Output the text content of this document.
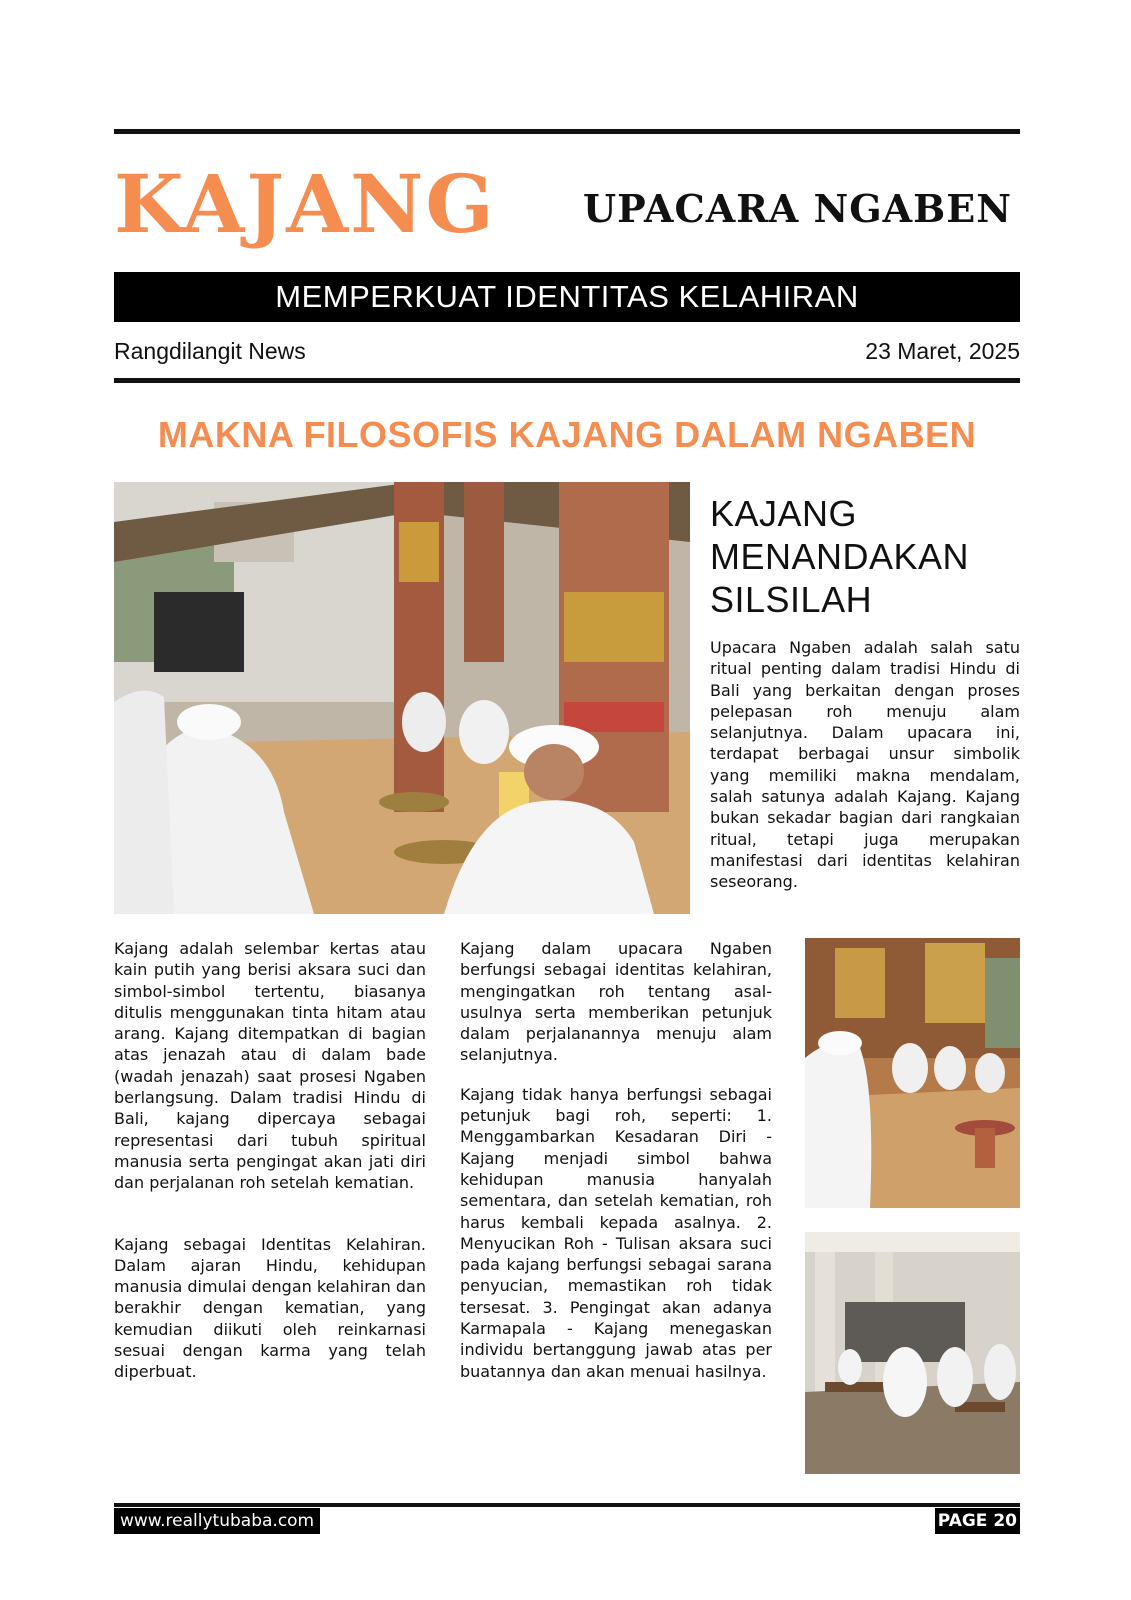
KAJANG UPACARA NGABEN
MEMPERKUAT IDENTITAS KELAHIRAN
Rangdilangit News	23 Maret, 2025
MAKNA FILOSOFIS KAJANG DALAM NGABEN
KAJANG MENANDAKAN SILSILAH

Upacara Ngaben adalah salah satu ritual penting dalam tradisi Hindu di Bali yang berkaitan dengan proses pelepasan roh menuju alam selanjutnya. Dalam upacara ini, terdapat berbagai unsur simbolik yang memiliki makna mendalam, salah satunya adalah Kajang. Kajang bukan sekadar bagian dari rangkaian ritual, tetapi juga merupakan manifestasi dari identitas kelahiran seseorang.

Kajang adalah selembar kertas atau kain putih yang berisi aksara suci dan simbol-simbol tertentu, biasanya ditulis menggunakan tinta hitam atau arang. Kajang ditempatkan di bagian atas jenazah atau di dalam bade (wadah jenazah) saat prosesi Ngaben berlangsung. Dalam tradisi Hindu di Bali, kajang dipercaya sebagai representasi dari tubuh spiritual manusia serta pengingat akan jati diri dan perjalanan roh setelah kematian.

Kajang sebagai Identitas Kelahiran. Dalam ajaran Hindu, kehidupan manusia dimulai dengan kelahiran dan berakhir dengan kematian, yang kemudian diikuti oleh reinkarnasi sesuai dengan karma yang telah diperbuat.

Kajang dalam upacara Ngaben berfungsi sebagai identitas kelahiran, mengingatkan roh tentang asal-usulnya serta memberikan petunjuk dalam perjalanannya menuju alam selanjutnya.

Kajang tidak hanya berfungsi sebagai petunjuk bagi roh, seperti: 1. Menggambarkan Kesadaran Diri - Kajang menjadi simbol bahwa kehidupan manusia hanyalah sementara, dan setelah kematian, roh harus kembali kepada asalnya. 2. Menyucikan Roh - Tulisan aksara suci pada kajang berfungsi sebagai sarana penyucian, memastikan roh tidak tersesat. 3. Pengingat akan adanya Karmapala - Kajang menegaskan individu bertanggung jawab atas per buatannya dan akan menuai hasilnya.

www.reallytubaba.com	PAGE 20
